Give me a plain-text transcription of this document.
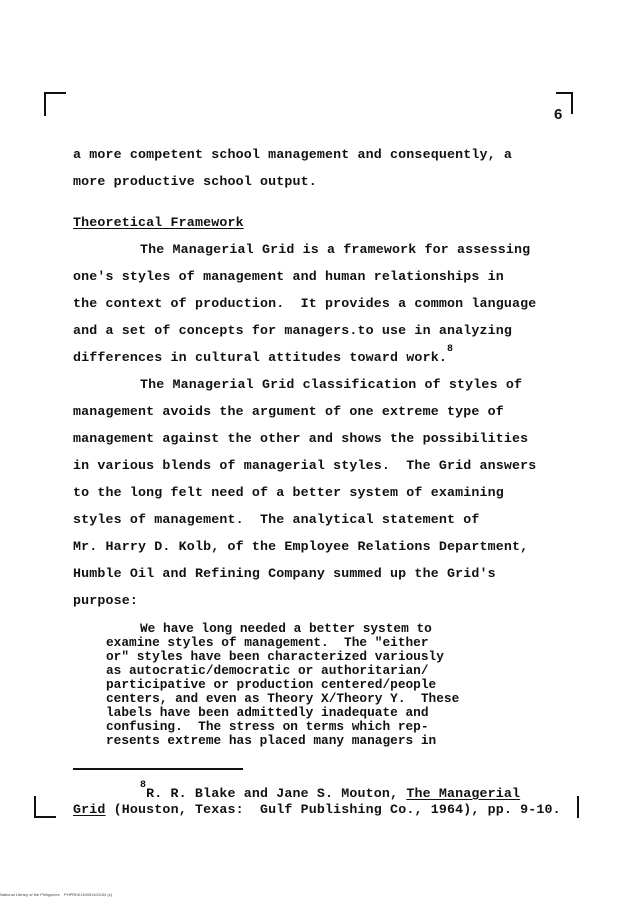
6
a more competent school management and consequently, a
more productive school output.
Theoretical Framework
The Managerial Grid is a framework for assessing
one's styles of management and human relationships in
the context of production.  It provides a common language
and a set of concepts for managers.to use in analyzing
differences in cultural attitudes toward work.$^8$
The Managerial Grid classification of styles of
management avoids the argument of one extreme type of
management against the other and shows the possibilities
in various blends of managerial styles.  The Grid answers
to the long felt need of a better system of examining
styles of management.  The analytical statement of
Mr. Harry D. Kolb, of the Employee Relations Department,
Humble Oil and Refining Company summed up the Grid's
purpose:
We have long needed a better system to
examine styles of management.  The "either
or" styles have been characterized variously
as autocratic/democratic or authoritarian/
participative or production centered/people
centers, and even as Theory X/Theory Y.  These
labels have been admittedly inadequate and
confusing.  The stress on terms which rep-
resents extreme has placed many managers in
$^8$R. R. Blake and Jane S. Mouton, The Managerial
Grid (Houston, Texas:  Gulf Publishing Co., 1964), pp. 9-10.
National Library of the Philippines    PHPRD0119051100154 (c)
